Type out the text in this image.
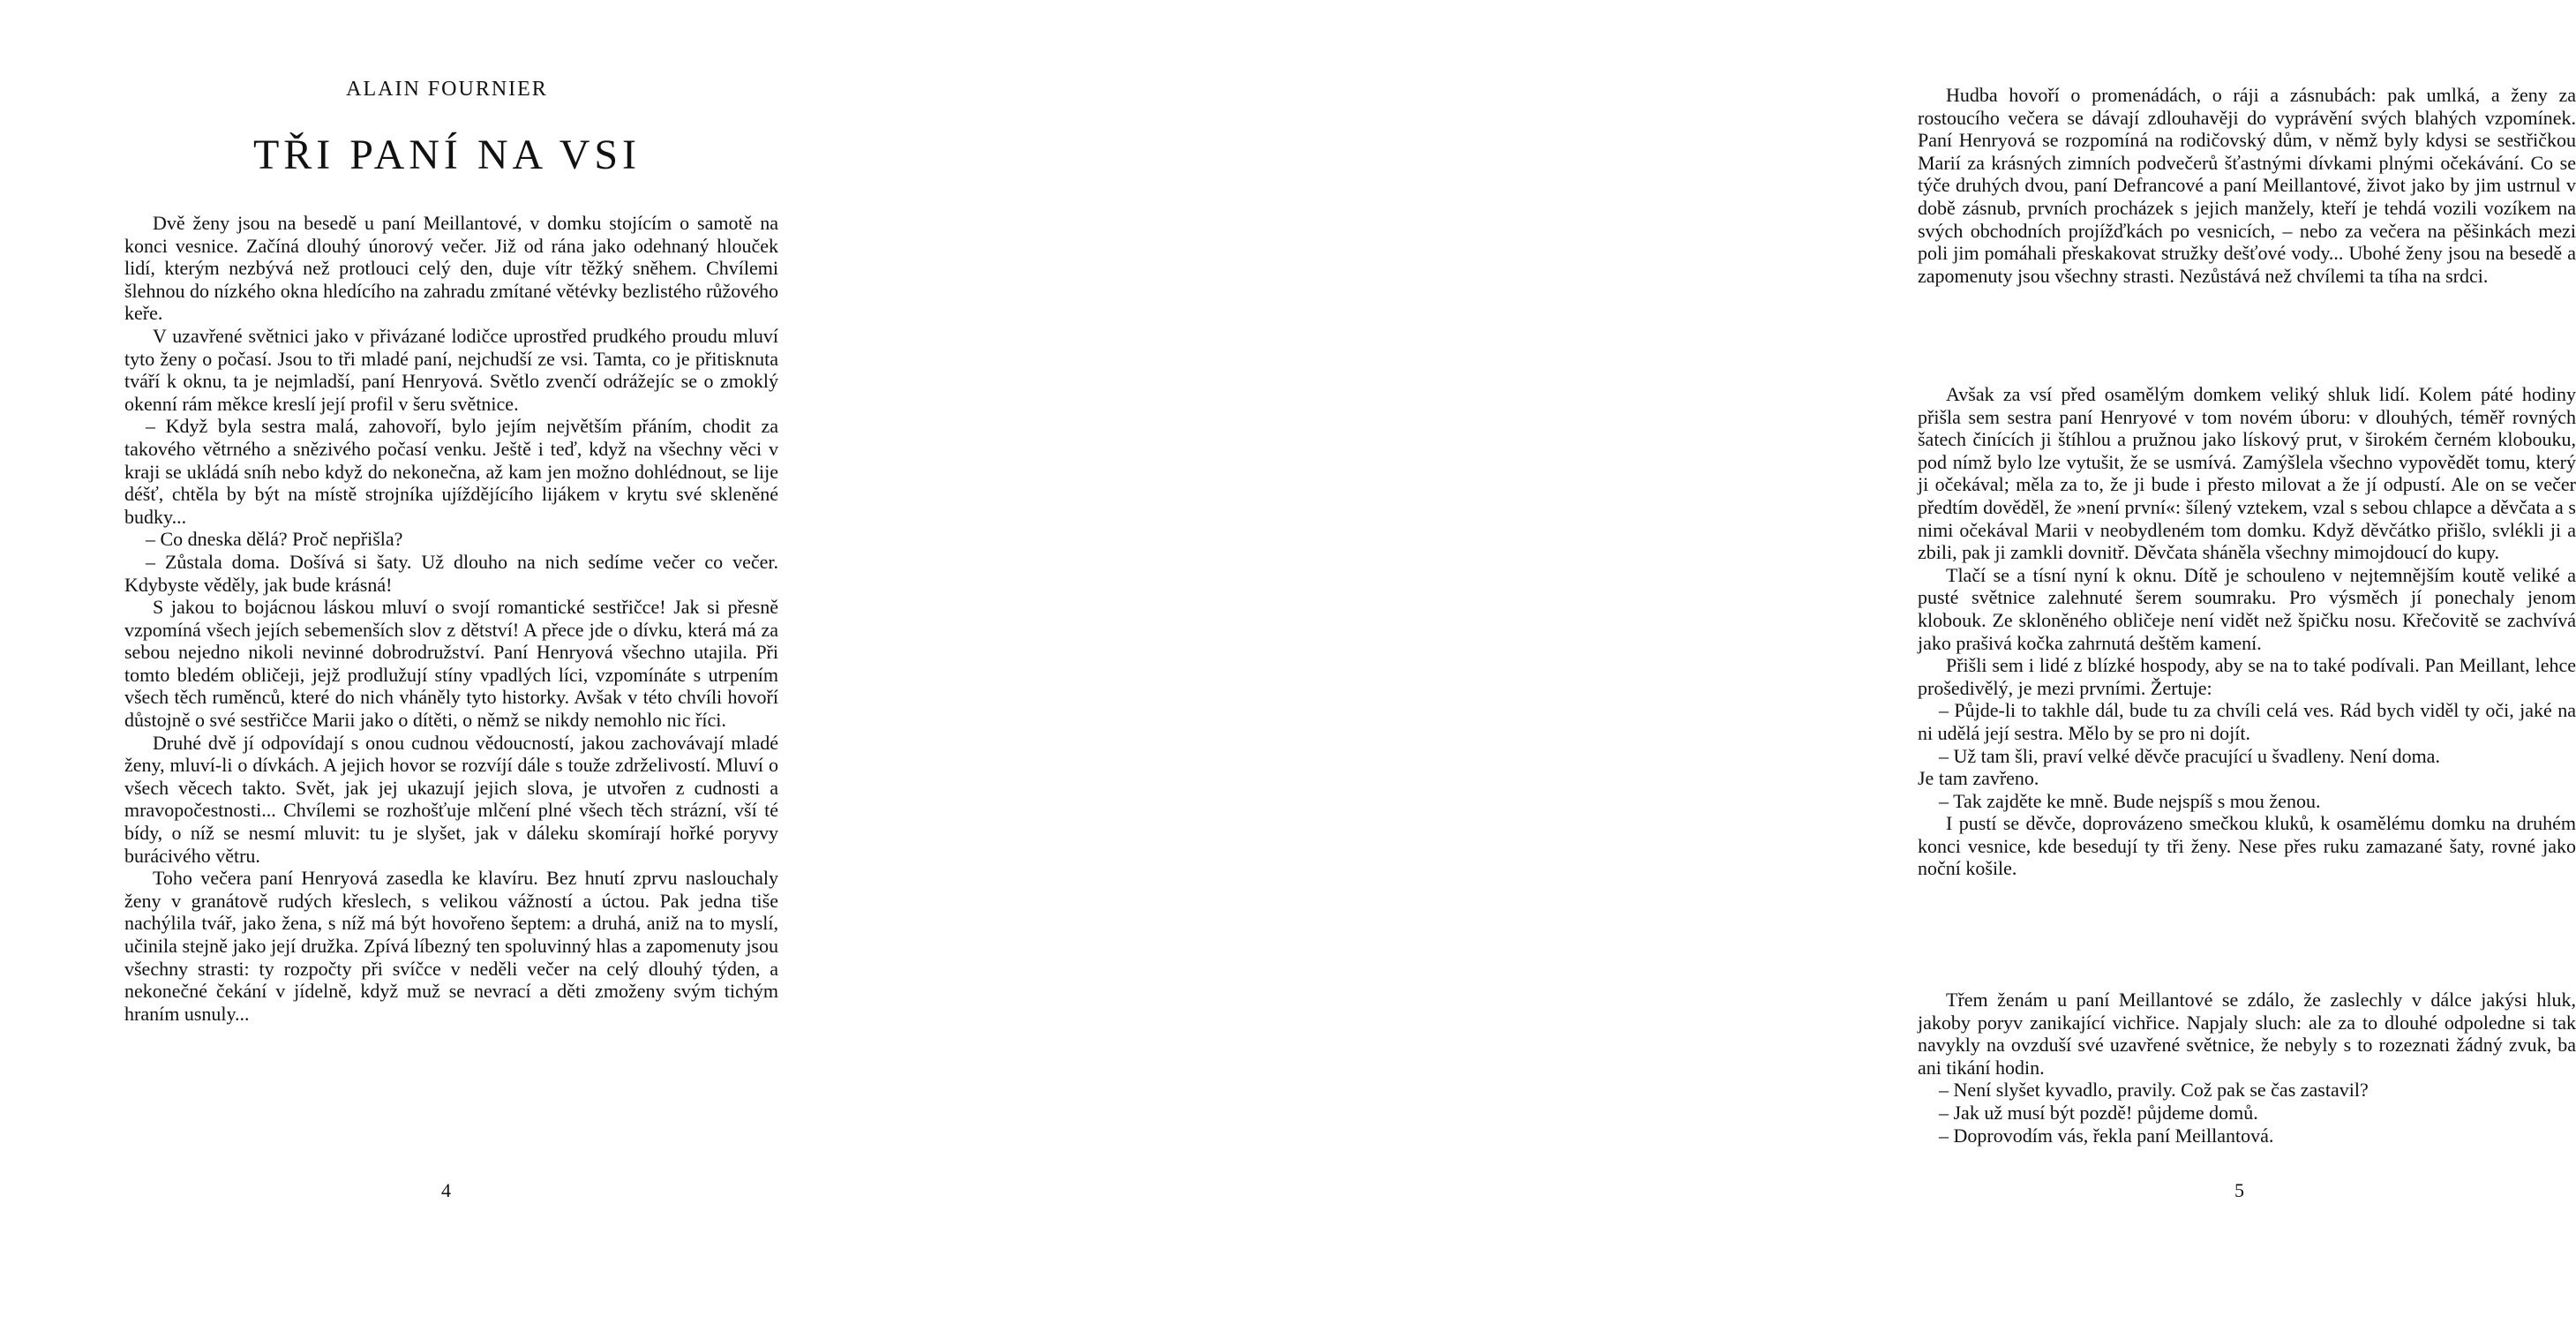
ALAIN FOURNIER
TŘI PANÍ NA VSI

Dvě ženy jsou na besedě u paní Meillantové, v domku stojícím o samotě na konci vesnice. Začíná dlouhý únorový večer. Již od rána jako odehnaný hlouček lidí, kterým nezbývá než protlouci celý den, duje vítr těžký sněhem. Chvílemi šlehnou do nízkého okna hledícího na zahradu zmítané větévky bezlistého růžového keře.

V uzavřené světnici jako v přivázané lodičce uprostřed prudkého proudu mluví tyto ženy o počasí. Jsou to tři mladé paní, nejchudší ze vsi. Tamta, co je přitisknuta tváří k oknu, ta je nejmladší, paní Henryová. Světlo zvenčí odrážejíc se o zmoklý okenní rám měkce kreslí její profil v šeru světnice.

– Když byla sestra malá, zahovoří, bylo jejím největším přáním, chodit za takového větrného a snězivého počasí venku. Ještě i teď, když na všechny věci v kraji se ukládá sníh nebo když do nekonečna, až kam jen možno dohlédnout, se lije déšť, chtěla by být na místě strojníka ujíždějícího lijákem v krytu své skleněné budky...

– Co dneska dělá? Proč nepřišla?

– Zůstala doma. Došívá si šaty. Už dlouho na nich sedíme večer co večer. Kdybyste věděly, jak bude krásná!

S jakou to bojácnou láskou mluví o svojí romantické sestřičce! Jak si přesně vzpomíná všech jejích sebemenších slov z dětství! A přece jde o dívku, která má za sebou nejedno nikoli nevinné dobrodružství. Paní Henryová všechno utajila. Při tomto bledém obličeji, jejž prodlužují stíny vpadlých líci, vzpomínáte s utrpením všech těch ruměnců, které do nich vháněly tyto historky. Avšak v této chvíli hovoří důstojně o své sestřičce Marii jako o dítěti, o němž se nikdy nemohlo nic říci.

Druhé dvě jí odpovídají s onou cudnou vědoucností, jakou zachovávají mladé ženy, mluví-li o dívkách. A jejich hovor se rozvíjí dále s touže zdrželivostí. Mluví o všech věcech takto. Svět, jak jej ukazují jejich slova, je utvořen z cudnosti a mravopočestnosti... Chvílemi se rozhošťuje mlčení plné všech těch strázní, vší té bídy, o níž se nesmí mluvit: tu je slyšet, jak v dáleku skomírají hořké poryvy burácivého větru.

Toho večera paní Henryová zasedla ke klavíru. Bez hnutí zprvu naslouchaly ženy v granátově rudých křeslech, s velikou vážností a úctou. Pak jedna tiše nachýlila tvář, jako žena, s níž má být hovořeno šeptem: a druhá, aniž na to myslí, učinila stejně jako její družka. Zpívá líbezný ten spoluvinný hlas a zapomenuty jsou všechny strasti: ty rozpočty při svíčce v neděli večer na celý dlouhý týden, a nekonečné čekání v jídelně, když muž se nevrací a děti zmoženy svým tichým hraním usnuly...

4

Hudba hovoří o promenádách, o ráji a zásnubách: pak umlká, a ženy za rostoucího večera se dávají zdlouhavěji do vyprávění svých blahých vzpomínek. Paní Henryová se rozpomíná na rodičovský dům, v němž byly kdysi se sestřičkou Marií za krásných zimních podvečerů šťastnými dívkami plnými očekávání. Co se týče druhých dvou, paní Defrancové a paní Meillantové, život jako by jim ustrnul v době zásnub, prvních procházek s jejich manžely, kteří je tehdá vozili vozíkem na svých obchodních projížďkách po vesnicích, – nebo za večera na pěšinkách mezi poli jim pomáhali přeskakovat stružky dešťové vody... Ubohé ženy jsou na besedě a zapomenuty jsou všechny strasti. Nezůstává než chvílemi ta tíha na srdci.

Avšak za vsí před osamělým domkem veliký shluk lidí. Kolem páté hodiny přišla sem sestra paní Henryové v tom novém úboru: v dlouhých, téměř rovných šatech činících ji štíhlou a pružnou jako lískový prut, v širokém černém klobouku, pod nímž bylo lze vytušit, že se usmívá. Zamýšlela všechno vypovědět tomu, který ji očekával; měla za to, že ji bude i přesto milovat a že jí odpustí. Ale on se večer předtím dověděl, že »není první«: šílený vztekem, vzal s sebou chlapce a děvčata a s nimi očekával Marii v neobydleném tom domku. Když děvčátko přišlo, svlékli ji a zbili, pak ji zamkli dovnitř. Děvčata sháněla všechny mimojdoucí do kupy.

Tlačí se a tísní nyní k oknu. Dítě je schouleno v nejtemnějším koutě veliké a pusté světnice zalehnuté šerem soumraku. Pro výsměch jí ponechaly jenom klobouk. Ze skloněného obličeje není vidět než špičku nosu. Křečovitě se zachvívá jako prašivá kočka zahrnutá deštěm kamení.

Přišli sem i lidé z blízké hospody, aby se na to také podívali. Pan Meillant, lehce prošedivělý, je mezi prvními. Žertuje:

– Půjde-li to takhle dál, bude tu za chvíli celá ves. Rád bych viděl ty oči, jaké na ni udělá její sestra. Mělo by se pro ni dojít.

– Už tam šli, praví velké děvče pracující u švadleny. Není doma.

Je tam zavřeno.

– Tak zajděte ke mně. Bude nejspíš s mou ženou.

I pustí se děvče, doprovázeno smečkou kluků, k osamělému domku na druhém konci vesnice, kde besedují ty tři ženy. Nese přes ruku zamazané šaty, rovné jako noční košile.

Třem ženám u paní Meillantové se zdálo, že zaslechly v dálce jakýsi hluk, jakoby poryv zanikající vichřice. Napjaly sluch: ale za to dlouhé odpoledne si tak navykly na ovzduší své uzavřené světnice, že nebyly s to rozeznati žádný zvuk, ba ani tikání hodin.

– Není slyšet kyvadlo, pravily. Což pak se čas zastavil?

– Jak už musí být pozdě! půjdeme domů.

– Doprovodím vás, řekla paní Meillantová.

5
